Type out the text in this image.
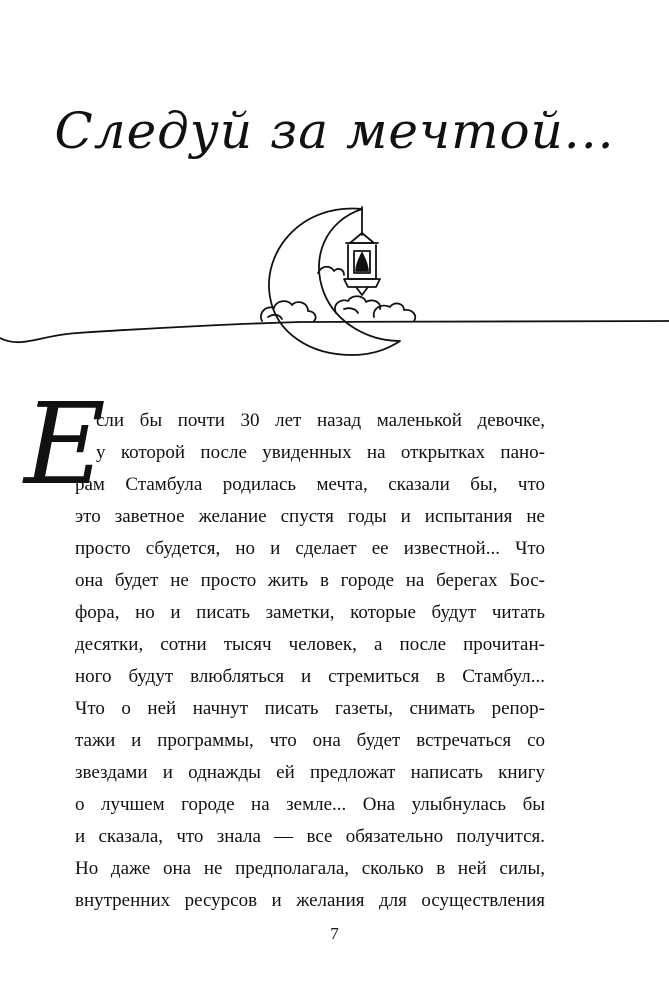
Следуй за мечтой...
Е
сли бы почти 30 лет назад маленькой девочке,
у которой после увиденных на открытках пано-
рам Стамбула родилась мечта, сказали бы, что
это заветное желание спустя годы и испытания не
просто сбудется, но и сделает ее известной... Что
она будет не просто жить в городе на берегах Бос-
фора, но и писать заметки, которые будут читать
десятки, сотни тысяч человек, а после прочитан-
ного будут влюбляться и стремиться в Стамбул...
Что о ней начнут писать газеты, снимать репор-
тажи и программы, что она будет встречаться со
звездами и однажды ей предложат написать книгу
о лучшем городе на земле... Она улыбнулась бы
и сказала, что знала — все обязательно получится.
Но даже она не предполагала, сколько в ней силы,
внутренних ресурсов и желания для осуществления
7
